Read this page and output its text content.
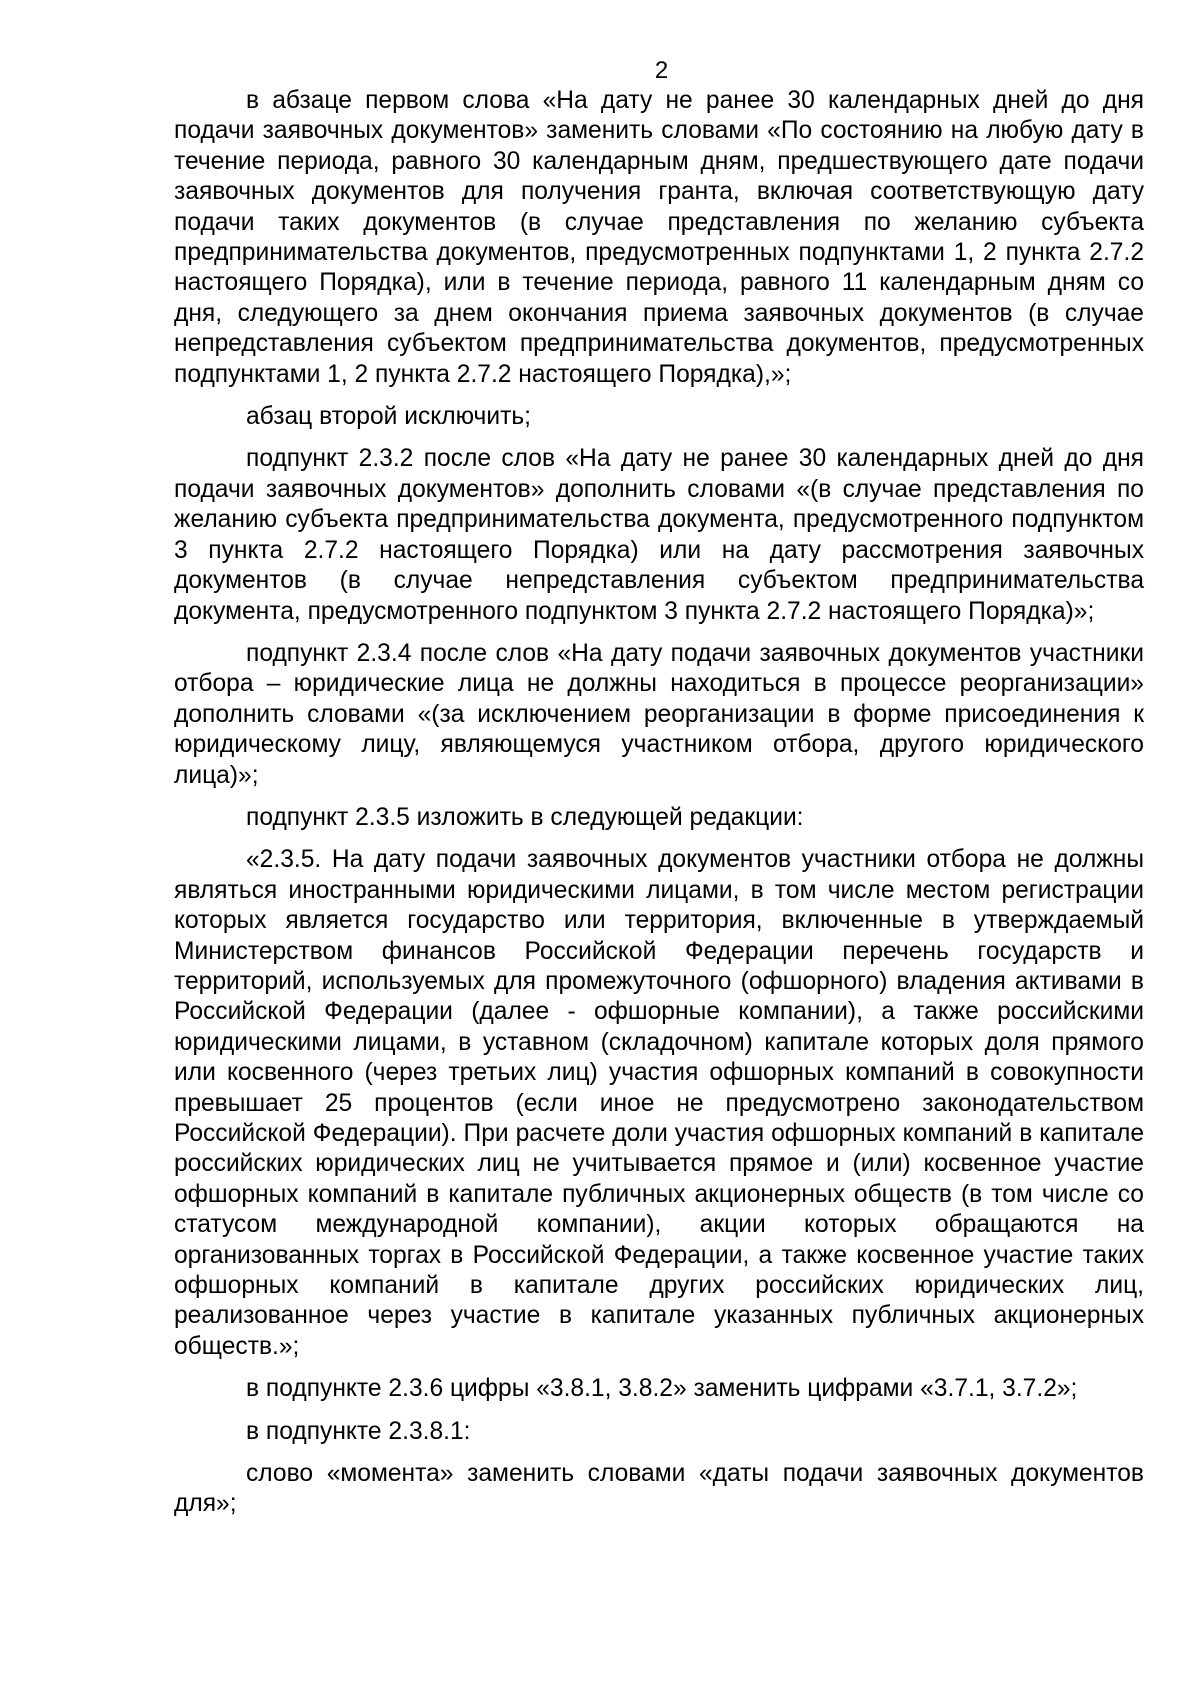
2

в абзаце первом слова «На дату не ранее 30 календарных дней до дня подачи заявочных документов» заменить словами «По состоянию на любую дату в течение периода, равного 30 календарным дням, предшествующего дате подачи заявочных документов для получения гранта, включая соответствующую дату подачи таких документов (в случае представления по желанию субъекта предпринимательства документов, предусмотренных подпунктами 1, 2 пункта 2.7.2 настоящего Порядка), или в течение периода, равного 11 календарным дням со дня, следующего за днем окончания приема заявочных документов (в случае непредставления субъектом предпринимательства документов, предусмотренных подпунктами 1, 2 пункта 2.7.2 настоящего Порядка),»;

абзац второй исключить;

подпункт 2.3.2 после слов «На дату не ранее 30 календарных дней до дня подачи заявочных документов» дополнить словами «(в случае представления по желанию субъекта предпринимательства документа, предусмотренного подпунктом 3 пункта 2.7.2 настоящего Порядка) или на дату рассмотрения заявочных документов (в случае непредставления субъектом предпринимательства документа, предусмотренного подпунктом 3 пункта 2.7.2 настоящего Порядка)»;

подпункт 2.3.4 после слов «На дату подачи заявочных документов участники отбора – юридические лица не должны находиться в процессе реорганизации» дополнить словами «(за исключением реорганизации в форме присоединения к юридическому лицу, являющемуся участником отбора, другого юридического лица)»;

подпункт 2.3.5 изложить в следующей редакции:

«2.3.5. На дату подачи заявочных документов участники отбора не должны являться иностранными юридическими лицами, в том числе местом регистрации которых является государство или территория, включенные в утверждаемый Министерством финансов Российской Федерации перечень государств и территорий, используемых для промежуточного (офшорного) владения активами в Российской Федерации (далее - офшорные компании), а также российскими юридическими лицами, в уставном (складочном) капитале которых доля прямого или косвенного (через третьих лиц) участия офшорных компаний в совокупности превышает 25 процентов (если иное не предусмотрено законодательством Российской Федерации). При расчете доли участия офшорных компаний в капитале российских юридических лиц не учитывается прямое и (или) косвенное участие офшорных компаний в капитале публичных акционерных обществ (в том числе со статусом международной компании), акции которых обращаются на организованных торгах в Российской Федерации, а также косвенное участие таких офшорных компаний в капитале других российских юридических лиц, реализованное через участие в капитале указанных публичных акционерных обществ.»;

в подпункте 2.3.6 цифры «3.8.1, 3.8.2» заменить цифрами «3.7.1, 3.7.2»;

в подпункте 2.3.8.1:

слово «момента» заменить словами «даты подачи заявочных документов для»;
